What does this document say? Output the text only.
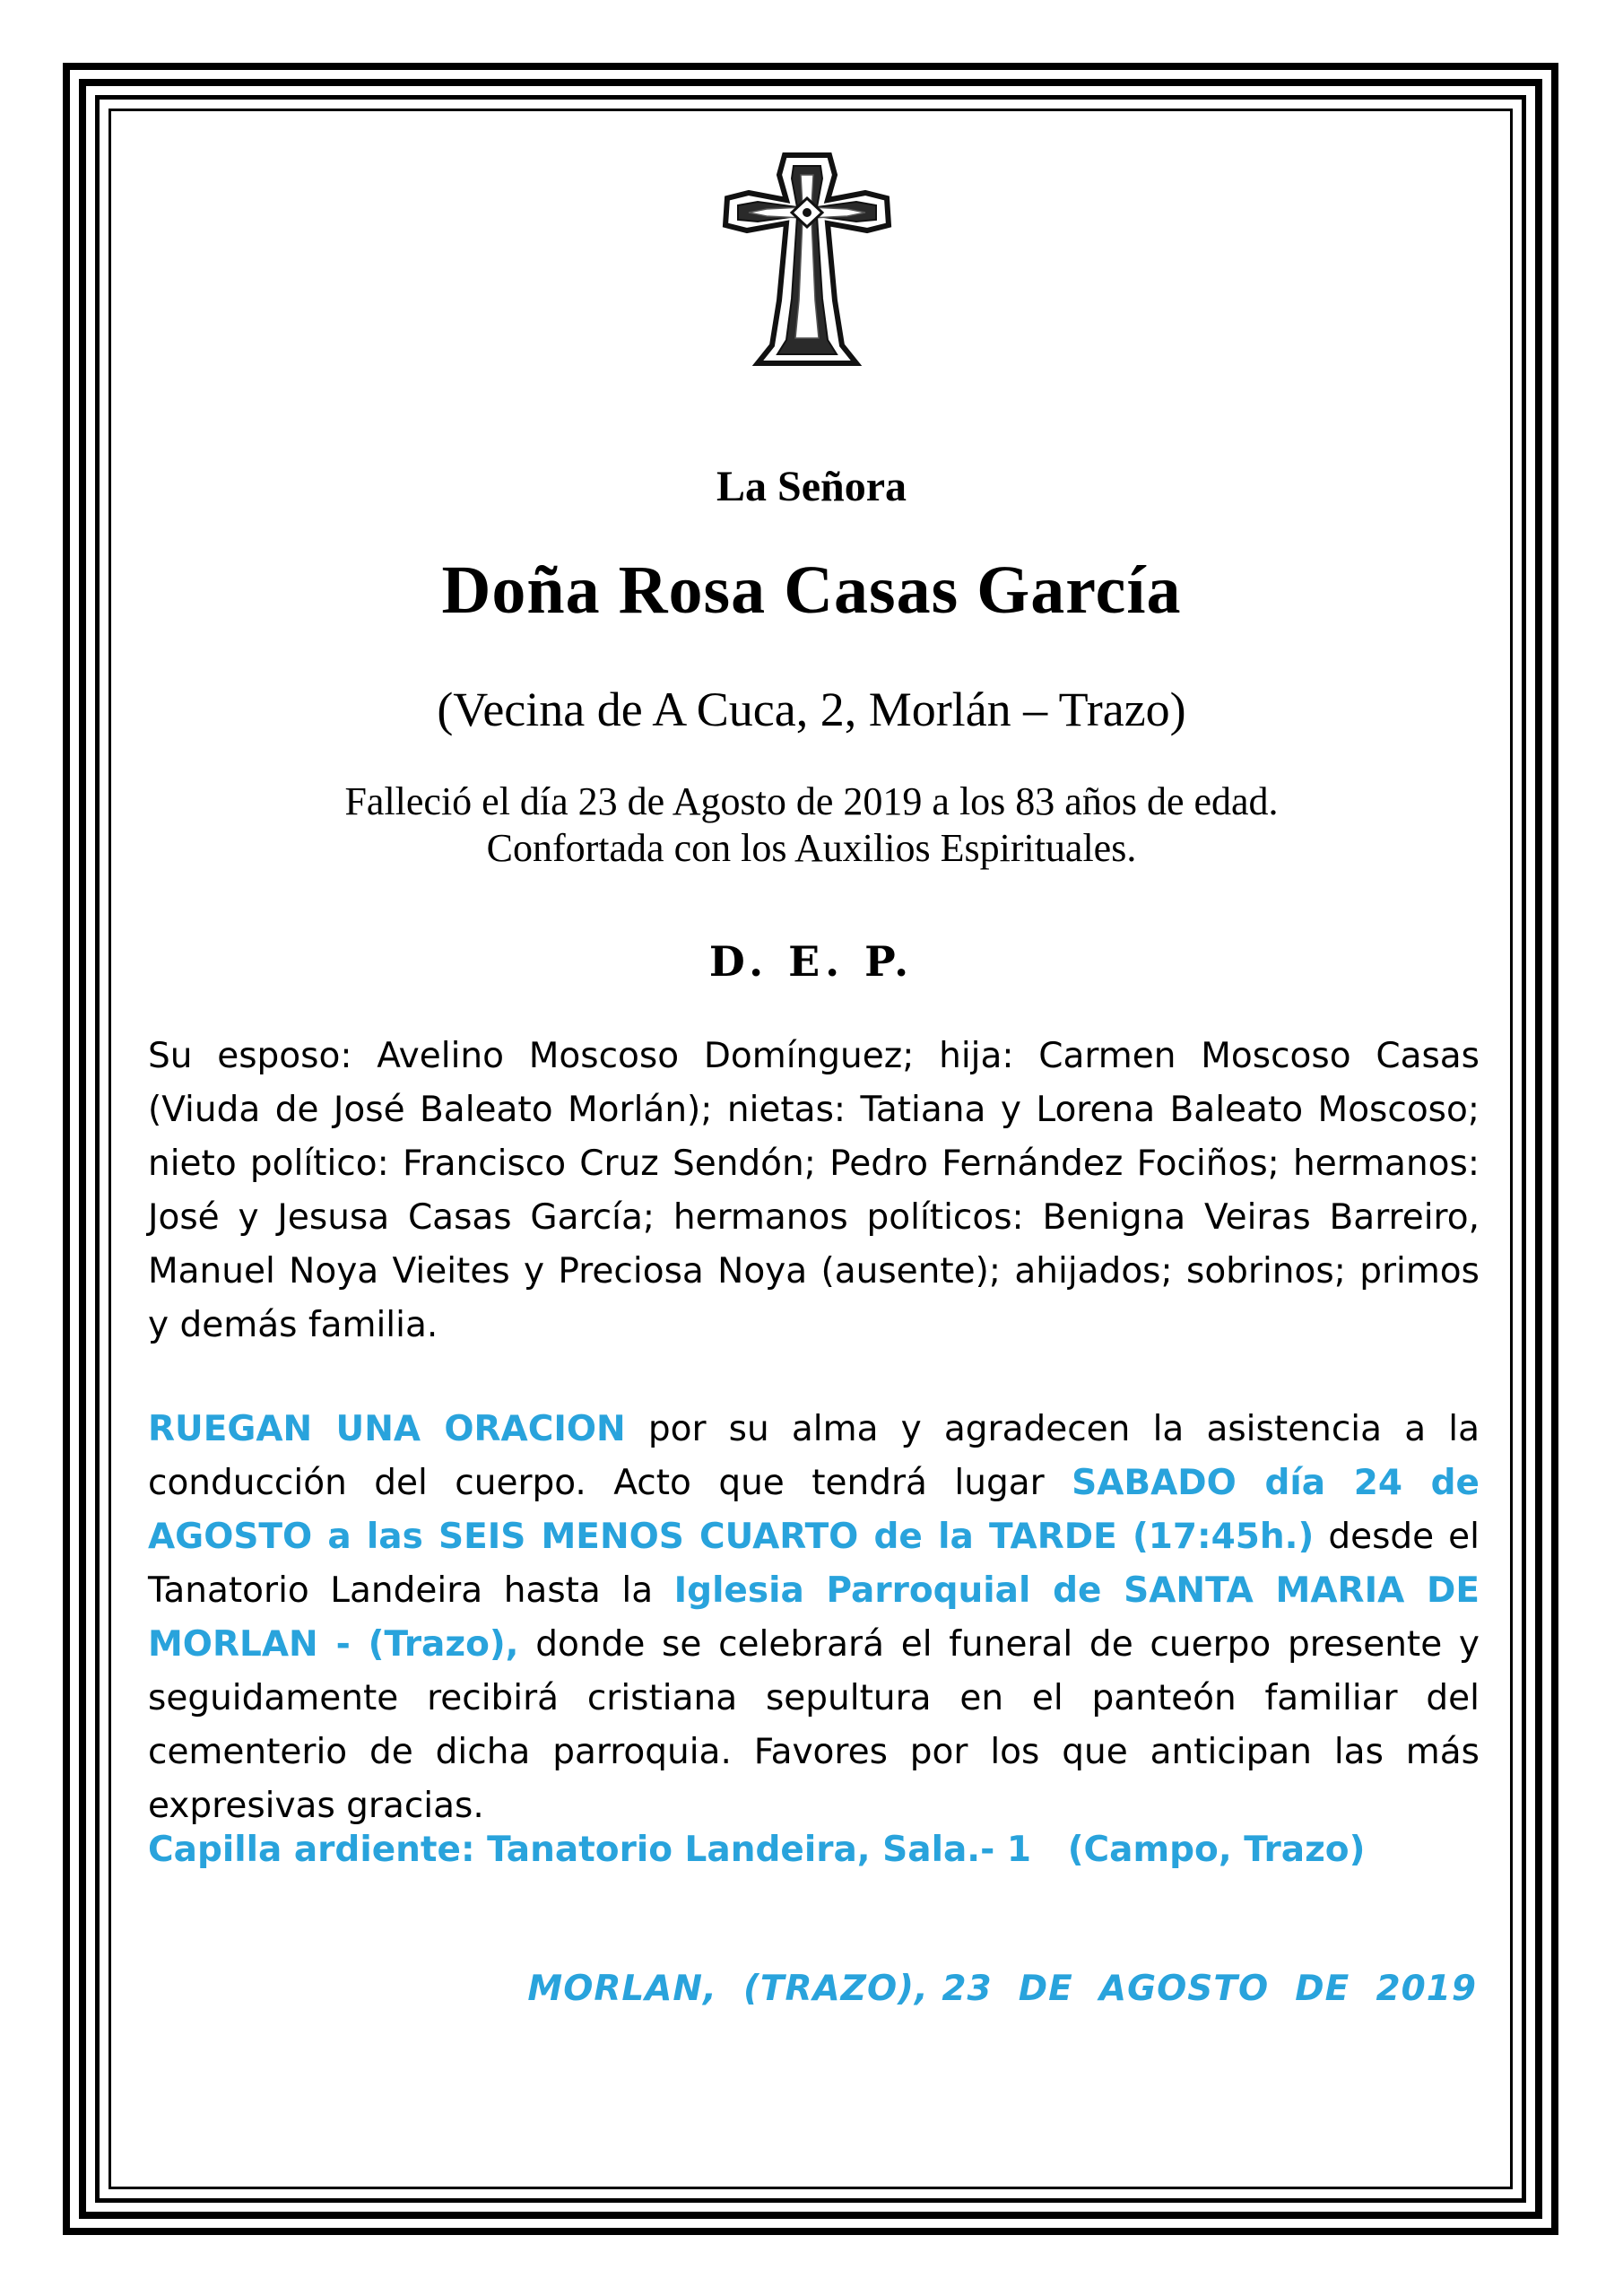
La Señora

Doña Rosa Casas García

(Vecina de A Cuca, 2, Morlán – Trazo)

Falleció el día 23 de Agosto de 2019 a los 83 años de edad.
Confortada con los Auxilios Espirituales.

D. E. P.

Su esposo: Avelino Moscoso Domínguez; hija: Carmen Moscoso Casas (Viuda de José Baleato Morlán); nietas: Tatiana y Lorena Baleato Moscoso; nieto político: Francisco Cruz Sendón; Pedro Fernández Fociños; hermanos: José y Jesusa Casas García; hermanos políticos: Benigna Veiras Barreiro, Manuel Noya Vieites y Preciosa Noya (ausente); ahijados; sobrinos; primos y demás familia.

RUEGAN UNA ORACION por su alma y agradecen la asistencia a la conducción del cuerpo. Acto que tendrá lugar SABADO día 24 de AGOSTO a las SEIS MENOS CUARTO de la TARDE (17:45h.) desde el Tanatorio Landeira hasta la Iglesia Parroquial de SANTA MARIA DE MORLAN - (Trazo), donde se celebrará el funeral de cuerpo presente y seguidamente recibirá cristiana sepultura en el panteón familiar del cementerio de dicha parroquia. Favores por los que anticipan las más expresivas gracias.

Capilla ardiente: Tanatorio Landeira, Sala.- 1   (Campo, Trazo)

MORLAN,  (TRAZO), 23  DE  AGOSTO  DE  2019
